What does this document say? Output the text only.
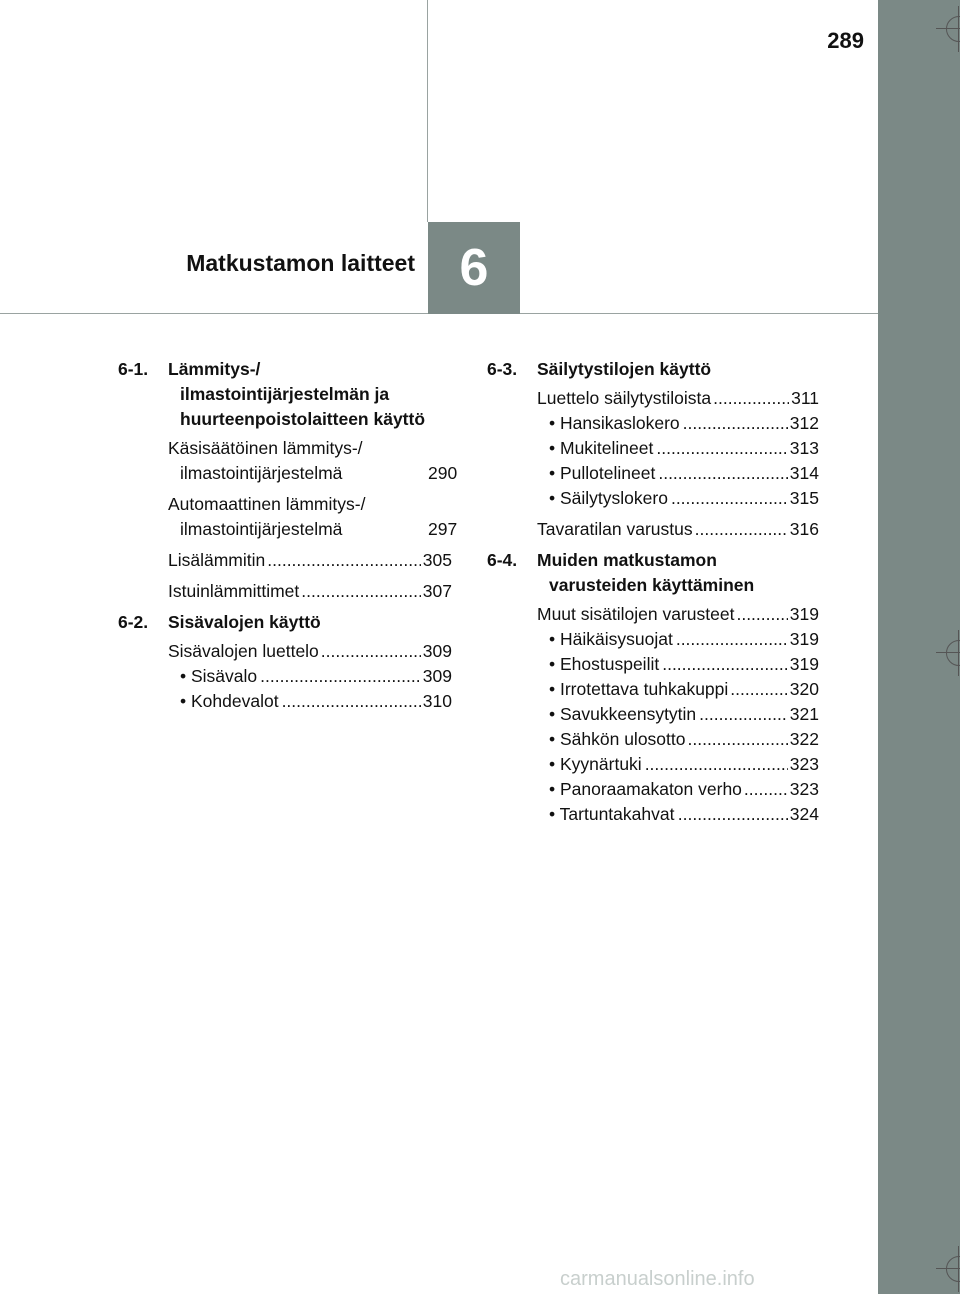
289
Matkustamon laitteet 6
6-1.	Lämmitys-/ ilmastointijärjestelmän ja huurteenpoistolaitteen käyttö
Käsisäätöinen lämmitys-/ ilmastointijärjestelmä	290
Automaattinen lämmitys-/ ilmastointijärjestelmä	297
Lisälämmitin .....	305
Istuinlämmittimet .....	307
6-2.	Sisävalojen käyttö
Sisävalojen luettelo .....	309
• Sisävalo .....	309
• Kohdevalot .....	310
6-3.	Säilytystilojen käyttö
Luettelo säilytystiloista .....	311
• Hansikaslokero .....	312
• Mukitelineet .....	313
• Pullotelineet .....	314
• Säilytyslokero .....	315
Tavaratilan varustus .....	316
6-4.	Muiden matkustamon varusteiden käyttäminen
Muut sisätilojen varusteet .....	319
• Häikäisysuojat .....	319
• Ehostuspeilit .....	319
• Irrotettava tuhkakuppi .....	320
• Savukkeensytytin .....	321
• Sähkön ulosotto .....	322
• Kyynärtuki .....	323
• Panoraamakaton verho .....	323
• Tartuntakahvat .....	324
carmanualsonline.info
